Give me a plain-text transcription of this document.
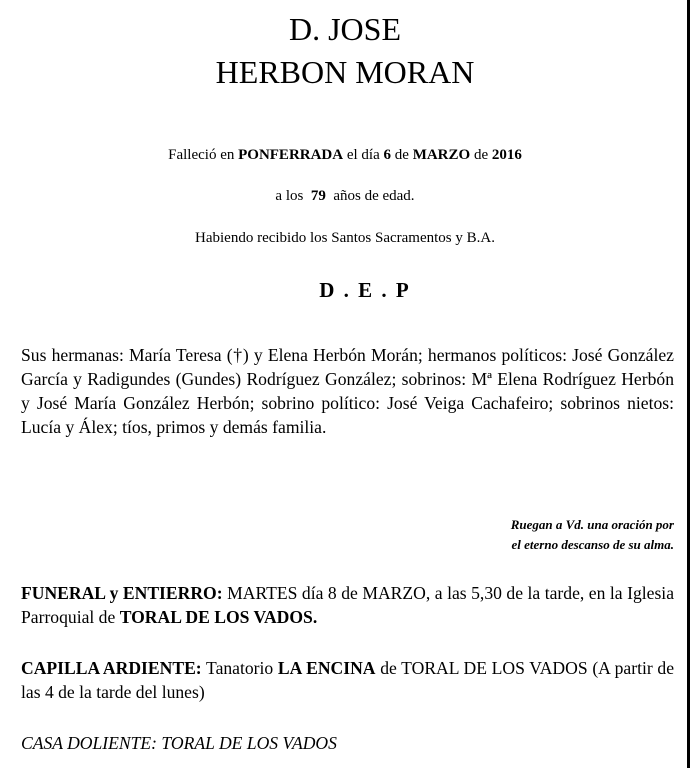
D. JOSE
HERBON MORAN
Falleció en PONFERRADA el día 6 de MARZO de 2016
a los 79 años de edad.
Habiendo recibido los Santos Sacramentos y B.A.
D . E . P
Sus hermanas: María Teresa (†) y Elena Herbón Morán; hermanos políticos: José González García y Radigundes (Gundes) Rodríguez González; sobrinos: Mª Elena Rodríguez Herbón y José María González Herbón; sobrino político: José Veiga Cachafeiro; sobrinos nietos: Lucía y Álex; tíos, primos y demás familia.
Ruegan a Vd. una oración por
el eterno descanso de su alma.
FUNERAL y ENTIERRO: MARTES día 8 de MARZO, a las 5,30 de la tarde, en la Iglesia Parroquial de TORAL DE LOS VADOS.
CAPILLA ARDIENTE: Tanatorio LA ENCINA de TORAL DE LOS VADOS (A partir de las 4 de la tarde del lunes)
CASA DOLIENTE: TORAL DE LOS VADOS
